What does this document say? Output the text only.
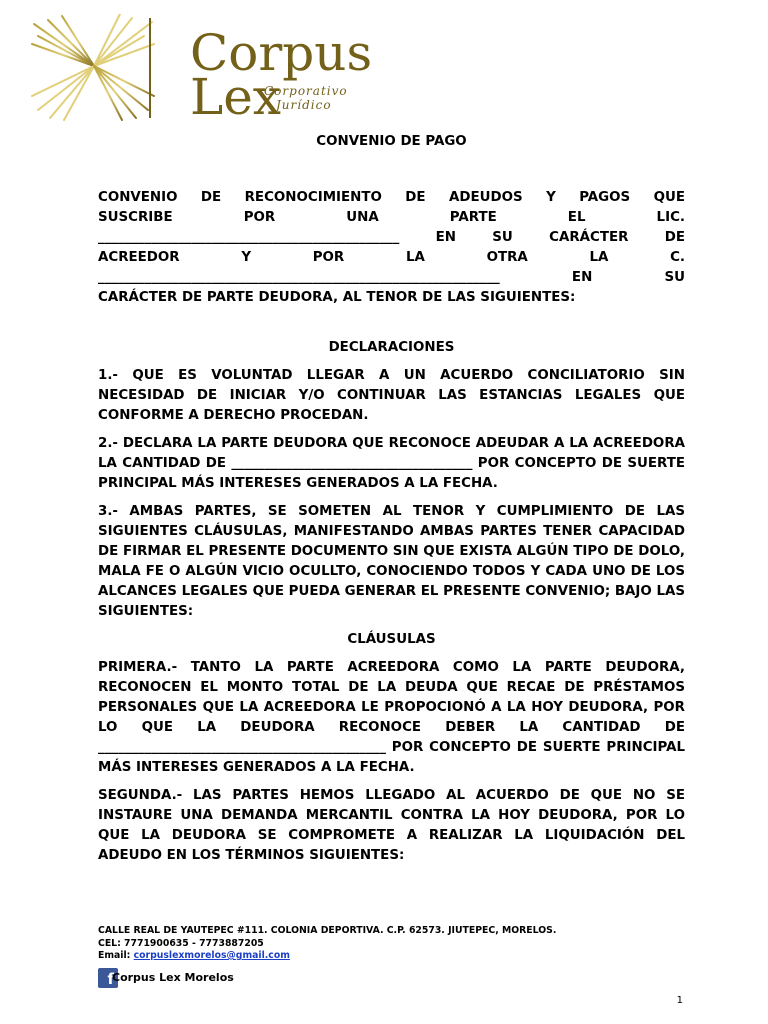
Corpus
Lex
Corporativo
Jurídico
CONVENIO DE PAGO

CONVENIO DE RECONOCIMIENTO DE ADEUDOS Y PAGOS QUE

SUSCRIBE POR UNA PARTE EL LIC.

_____________________________________________ EN SU CARÁCTER DE

ACREEDOR Y POR LA OTRA LA C.

____________________________________________________________ EN SU

CARÁCTER DE PARTE DEUDORA, AL TENOR DE LAS SIGUIENTES:

DECLARACIONES

1.- QUE ES VOLUNTAD LLEGAR A UN ACUERDO CONCILIATORIO SIN NECESIDAD DE INICIAR Y/O CONTINUAR LAS ESTANCIAS LEGALES QUE CONFORME A DERECHO PROCEDAN.

2.- DECLARA LA PARTE DEUDORA QUE RECONOCE ADEUDAR A LA ACREEDORA LA CANTIDAD DE ____________________________________ POR CONCEPTO DE SUERTE PRINCIPAL MÁS INTERESES GENERADOS A LA FECHA.

3.- AMBAS PARTES, SE SOMETEN AL TENOR Y CUMPLIMIENTO DE LAS SIGUIENTES CLÁUSULAS, MANIFESTANDO AMBAS PARTES TENER CAPACIDAD DE FIRMAR EL PRESENTE DOCUMENTO SIN QUE EXISTA ALGÚN TIPO DE DOLO, MALA FE O ALGÚN VICIO OCULLTO, CONOCIENDO TODOS Y CADA UNO DE LOS ALCANCES LEGALES QUE PUEDA GENERAR EL PRESENTE CONVENIO; BAJO LAS SIGUIENTES:

CLÁUSULAS

PRIMERA.- TANTO LA PARTE ACREEDORA COMO LA PARTE DEUDORA, RECONOCEN EL MONTO TOTAL DE LA DEUDA QUE RECAE DE PRÉSTAMOS PERSONALES QUE LA ACREEDORA LE PROPOCIONÓ A LA HOY DEUDORA, POR LO QUE LA DEUDORA RECONOCE DEBER LA CANTIDAD DE ___________________________________________ POR CONCEPTO DE SUERTE PRINCIPAL MÁS INTERESES GENERADOS A LA FECHA.

SEGUNDA.- LAS PARTES HEMOS LLEGADO AL ACUERDO DE QUE NO SE INSTAURE UNA DEMANDA MERCANTIL CONTRA LA HOY DEUDORA, POR LO QUE LA DEUDORA SE COMPROMETE A REALIZAR LA LIQUIDACIÓN DEL ADEUDO EN LOS TÉRMINOS SIGUIENTES:

CALLE REAL DE YAUTEPEC #111. COLONIA DEPORTIVA. C.P. 62573. JIUTEPEC, MORELOS.
CEL: 7771900635 - 7773887205
Email: corpuslexmorelos@gmail.com
f
Corpus Lex Morelos
1
